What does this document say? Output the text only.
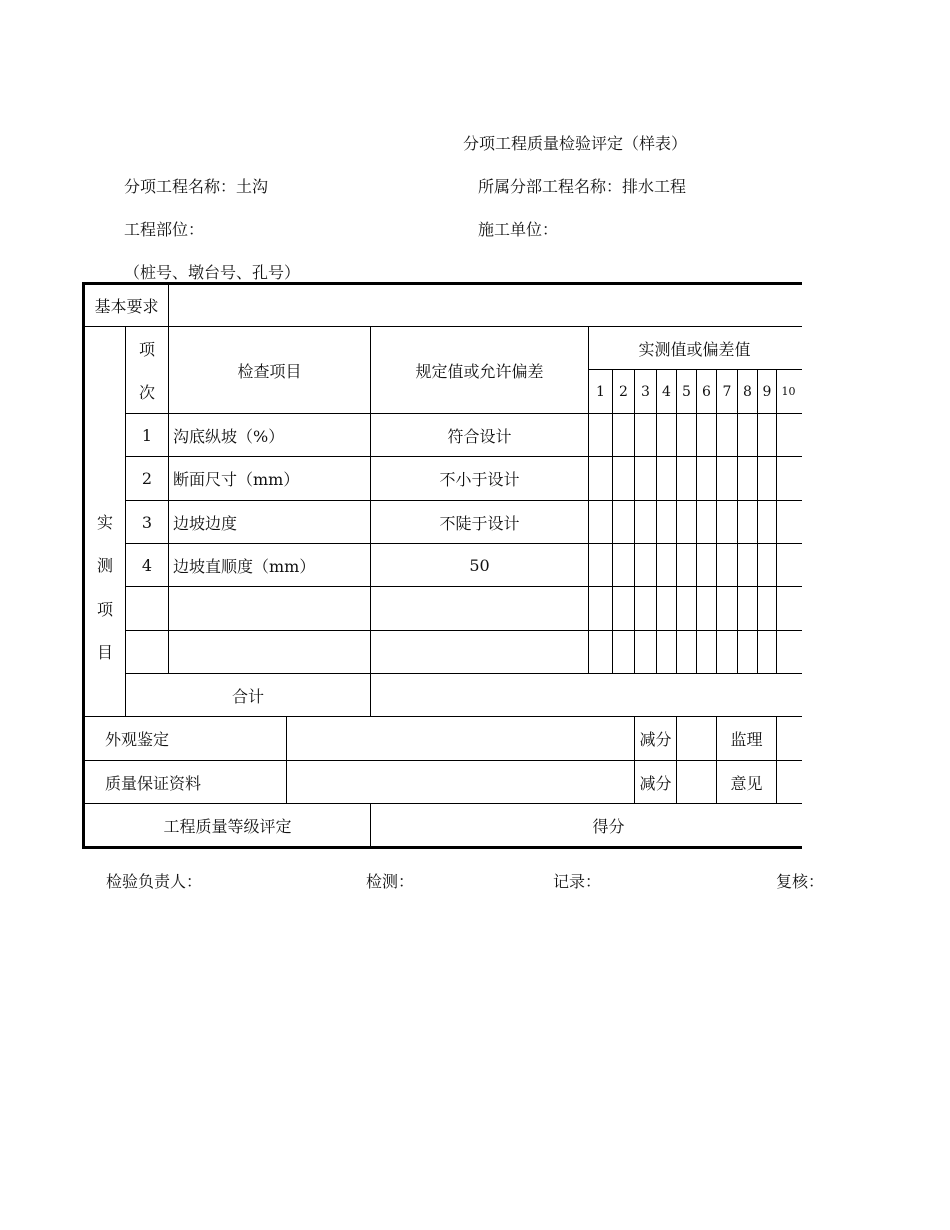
分项工程质量检验评定（样表）
分项工程名称：土沟	所属分部工程名称：排水工程
工程部位：	施工单位：
（桩号、墩台号、孔号）
基本要求
实
测
项
目
项
次
检查项目	规定值或允许偏差
实测值或偏差值
1	2 3 4 5 6 7 8 9 10
1	沟底纵坡（%）	符合设计
2	断面尺寸（mm）	不小于设计
3	边坡边度	不陡于设计
4	边坡直顺度（mm）	50
合计
外观鉴定	减分	监理
质量保证资料	减分	意见
工程质量等级评定	得分
检验负责人：	检测：	记录：	复核：
